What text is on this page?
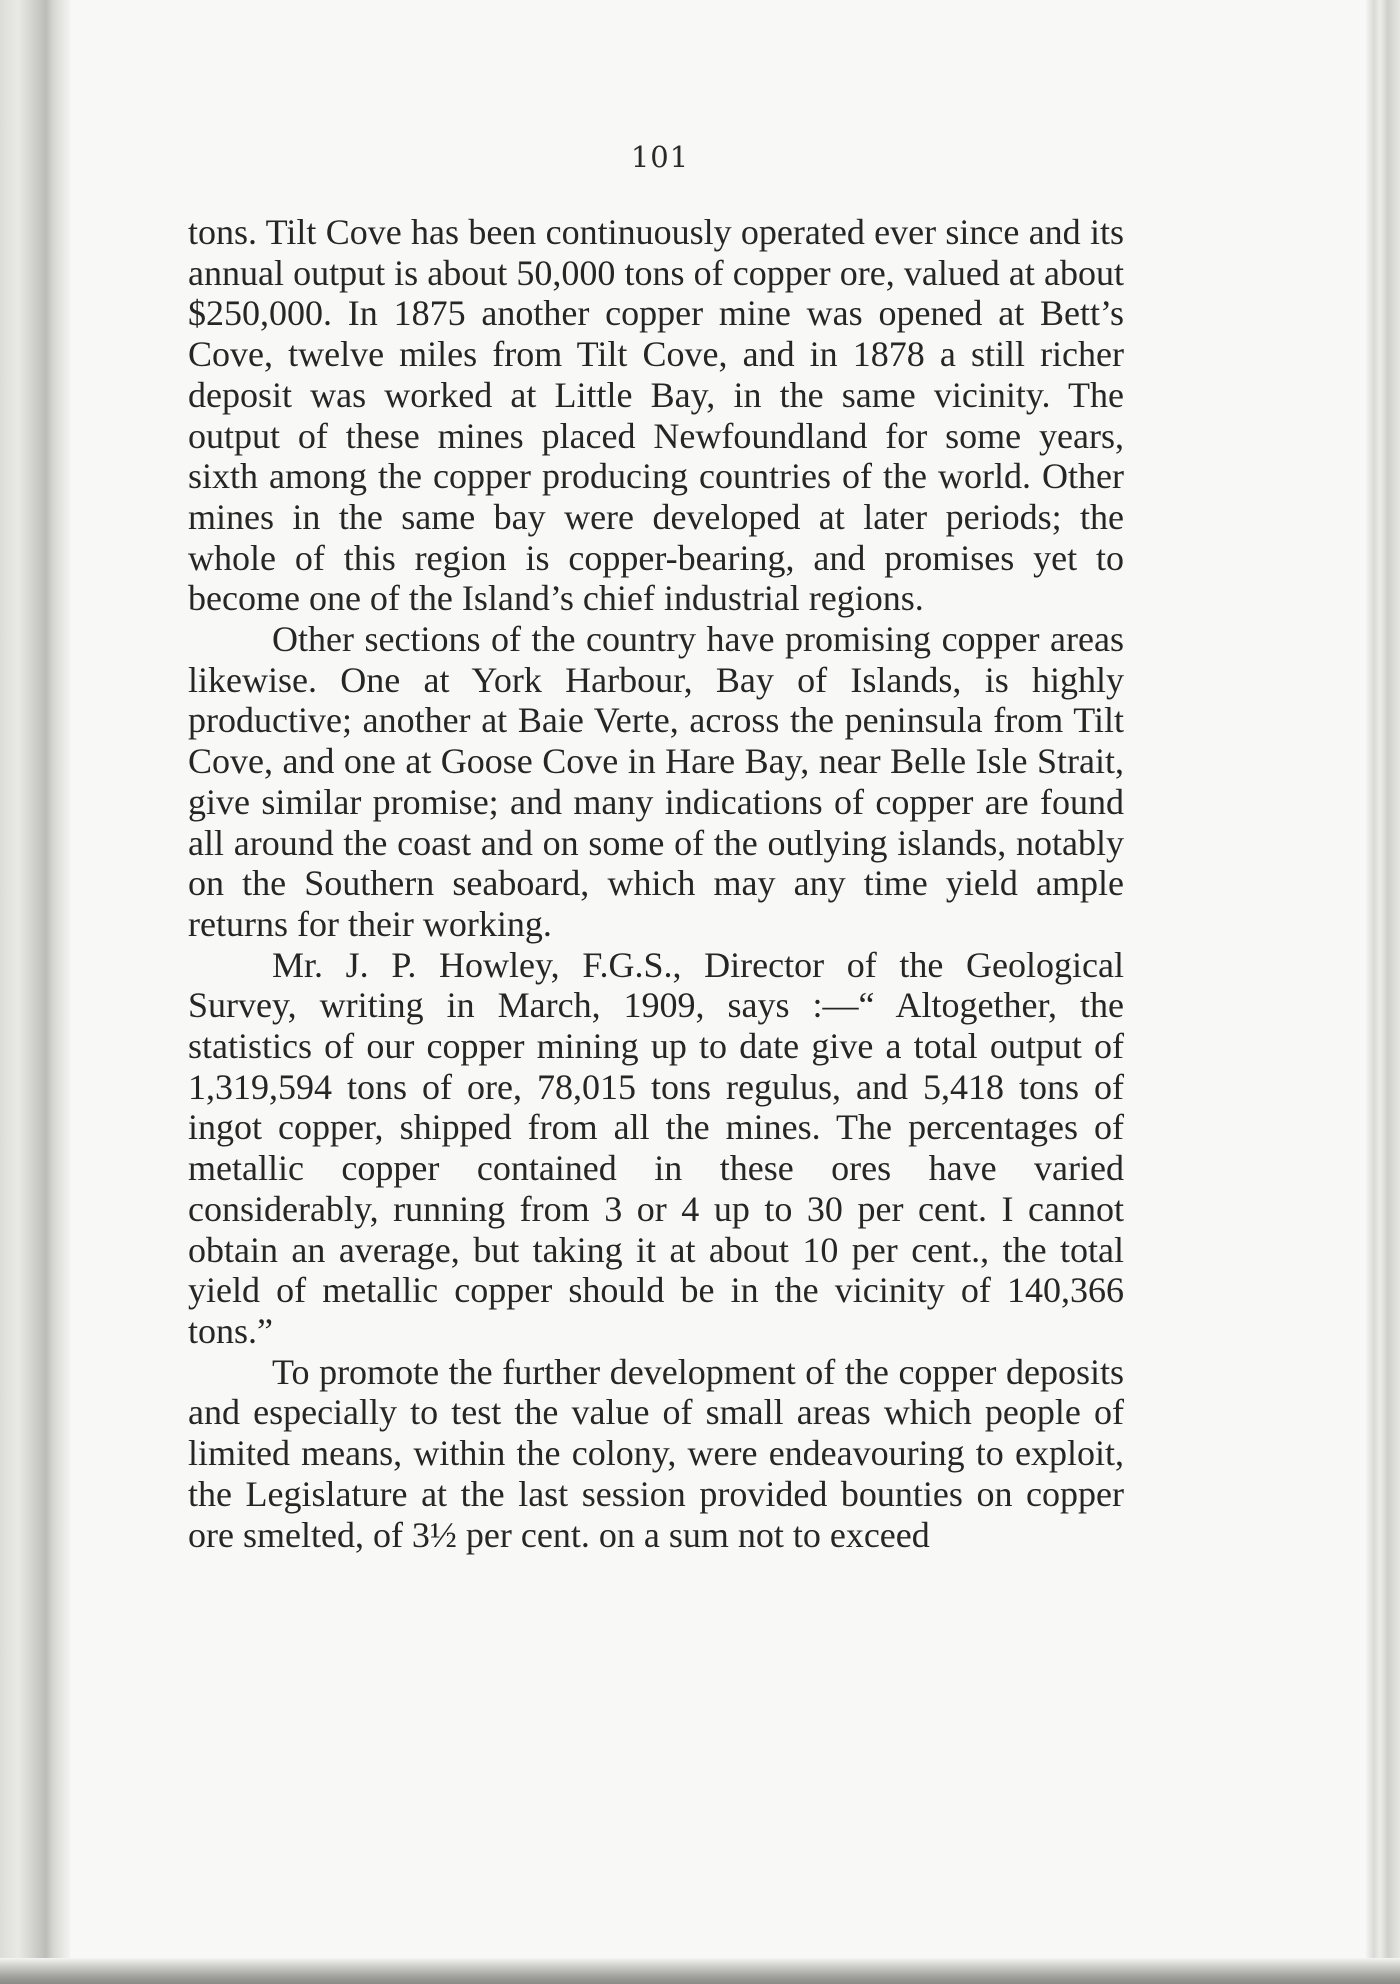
101

tons. Tilt Cove has been continuously operated ever since and its annual output is about 50,000 tons of copper ore, valued at about $250,000. In 1875 another copper mine was opened at Bett’s Cove, twelve miles from Tilt Cove, and in 1878 a still richer deposit was worked at Little Bay, in the same vicinity. The output of these mines placed Newfoundland for some years, sixth among the copper producing countries of the world. Other mines in the same bay were developed at later periods; the whole of this region is copper-bearing, and promises yet to become one of the Island’s chief industrial regions.

Other sections of the country have promising copper areas likewise. One at York Harbour, Bay of Islands, is highly productive; another at Baie Verte, across the peninsula from Tilt Cove, and one at Goose Cove in Hare Bay, near Belle Isle Strait, give similar promise; and many indications of copper are found all around the coast and on some of the outlying islands, notably on the Southern seaboard, which may any time yield ample returns for their working.

Mr. J. P. Howley, F.G.S., Director of the Geological Survey, writing in March, 1909, says :—“ Altogether, the statistics of our copper mining up to date give a total output of 1,319,594 tons of ore, 78,015 tons regulus, and 5,418 tons of ingot copper, shipped from all the mines. The percentages of metallic copper contained in these ores have varied considerably, running from 3 or 4 up to 30 per cent. I cannot obtain an average, but taking it at about 10 per cent., the total yield of metallic copper should be in the vicinity of 140,366 tons.”

To promote the further development of the copper deposits and especially to test the value of small areas which people of limited means, within the colony, were endeavouring to exploit, the Legislature at the last session provided bounties on copper ore smelted, of 3½ per cent. on a sum not to exceed
